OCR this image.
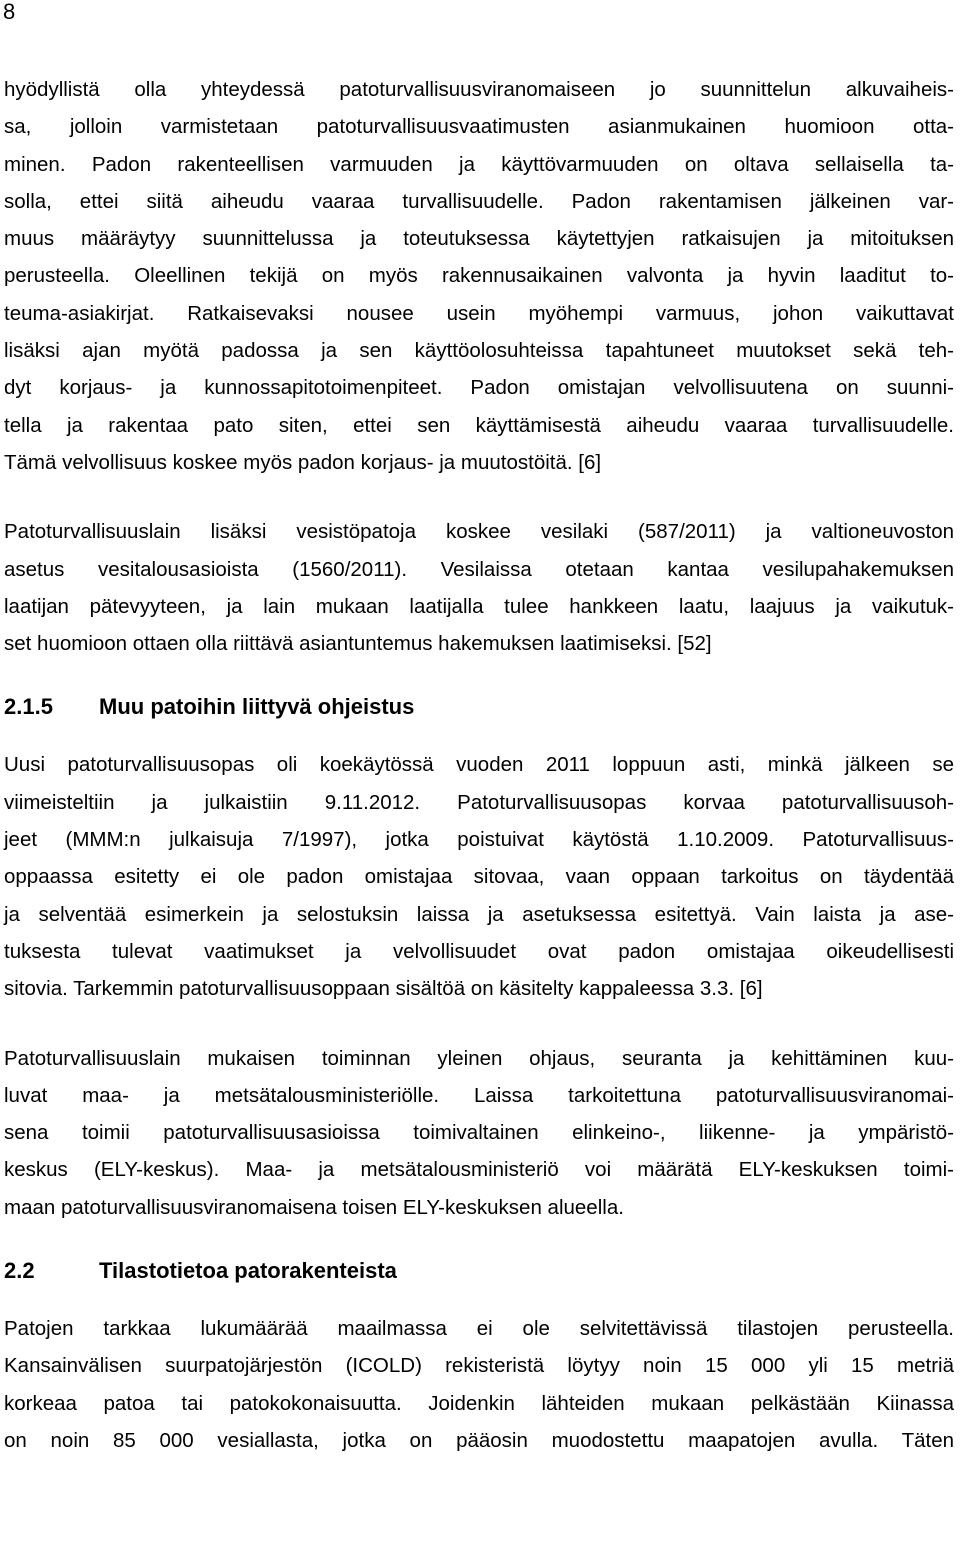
8

hyödyllistä olla yhteydessä patoturvallisuusviranomaiseen jo suunnittelun alkuvaiheis-
sa, jolloin varmistetaan patoturvallisuusvaatimusten asianmukainen huomioon otta-
minen. Padon rakenteellisen varmuuden ja käyttövarmuuden on oltava sellaisella ta-
solla, ettei siitä aiheudu vaaraa turvallisuudelle. Padon rakentamisen jälkeinen var-
muus määräytyy suunnittelussa ja toteutuksessa käytettyjen ratkaisujen ja mitoituksen
perusteella. Oleellinen tekijä on myös rakennusaikainen valvonta ja hyvin laaditut to-
teuma-asiakirjat. Ratkaisevaksi nousee usein myöhempi varmuus, johon vaikuttavat
lisäksi ajan myötä padossa ja sen käyttöolosuhteissa tapahtuneet muutokset sekä teh-
dyt korjaus- ja kunnossapitotoimenpiteet. Padon omistajan velvollisuutena on suunni-
tella ja rakentaa pato siten, ettei sen käyttämisestä aiheudu vaaraa turvallisuudelle.
Tämä velvollisuus koskee myös padon korjaus- ja muutostöitä. [6]

Patoturvallisuuslain lisäksi vesistöpatoja koskee vesilaki (587/2011) ja valtioneuvoston
asetus vesitalousasioista (1560/2011). Vesilaissa otetaan kantaa vesilupahakemuksen
laatijan pätevyyteen, ja lain mukaan laatijalla tulee hankkeen laatu, laajuus ja vaikutuk-
set huomioon ottaen olla riittävä asiantuntemus hakemuksen laatimiseksi. [52]

2.1.5	Muu patoihin liittyvä ohjeistus

Uusi patoturvallisuusopas oli koekäytössä vuoden 2011 loppuun asti, minkä jälkeen se
viimeisteltiin ja julkaistiin 9.11.2012. Patoturvallisuusopas korvaa patoturvallisuusoh-
jeet (MMM:n julkaisuja 7/1997), jotka poistuivat käytöstä 1.10.2009. Patoturvallisuus-
oppaassa esitetty ei ole padon omistajaa sitovaa, vaan oppaan tarkoitus on täydentää
ja selventää esimerkein ja selostuksin laissa ja asetuksessa esitettyä. Vain laista ja ase-
tuksesta tulevat vaatimukset ja velvollisuudet ovat padon omistajaa oikeudellisesti
sitovia. Tarkemmin patoturvallisuusoppaan sisältöä on käsitelty kappaleessa 3.3. [6]

Patoturvallisuuslain mukaisen toiminnan yleinen ohjaus, seuranta ja kehittäminen kuu-
luvat maa- ja metsätalousministeriölle. Laissa tarkoitettuna patoturvallisuusviranomai-
sena toimii patoturvallisuusasioissa toimivaltainen elinkeino-, liikenne- ja ympäristö-
keskus (ELY-keskus). Maa- ja metsätalousministeriö voi määrätä ELY-keskuksen toimi-
maan patoturvallisuusviranomaisena toisen ELY-keskuksen alueella.

2.2	Tilastotietoa patorakenteista

Patojen tarkkaa lukumäärää maailmassa ei ole selvitettävissä tilastojen perusteella.
Kansainvälisen suurpatojärjestön (ICOLD) rekisteristä löytyy noin 15 000 yli 15 metriä
korkeaa patoa tai patokokonaisuutta. Joidenkin lähteiden mukaan pelkästään Kiinassa
on noin 85 000 vesiallasta, jotka on pääosin muodostettu maapatojen avulla. Täten
